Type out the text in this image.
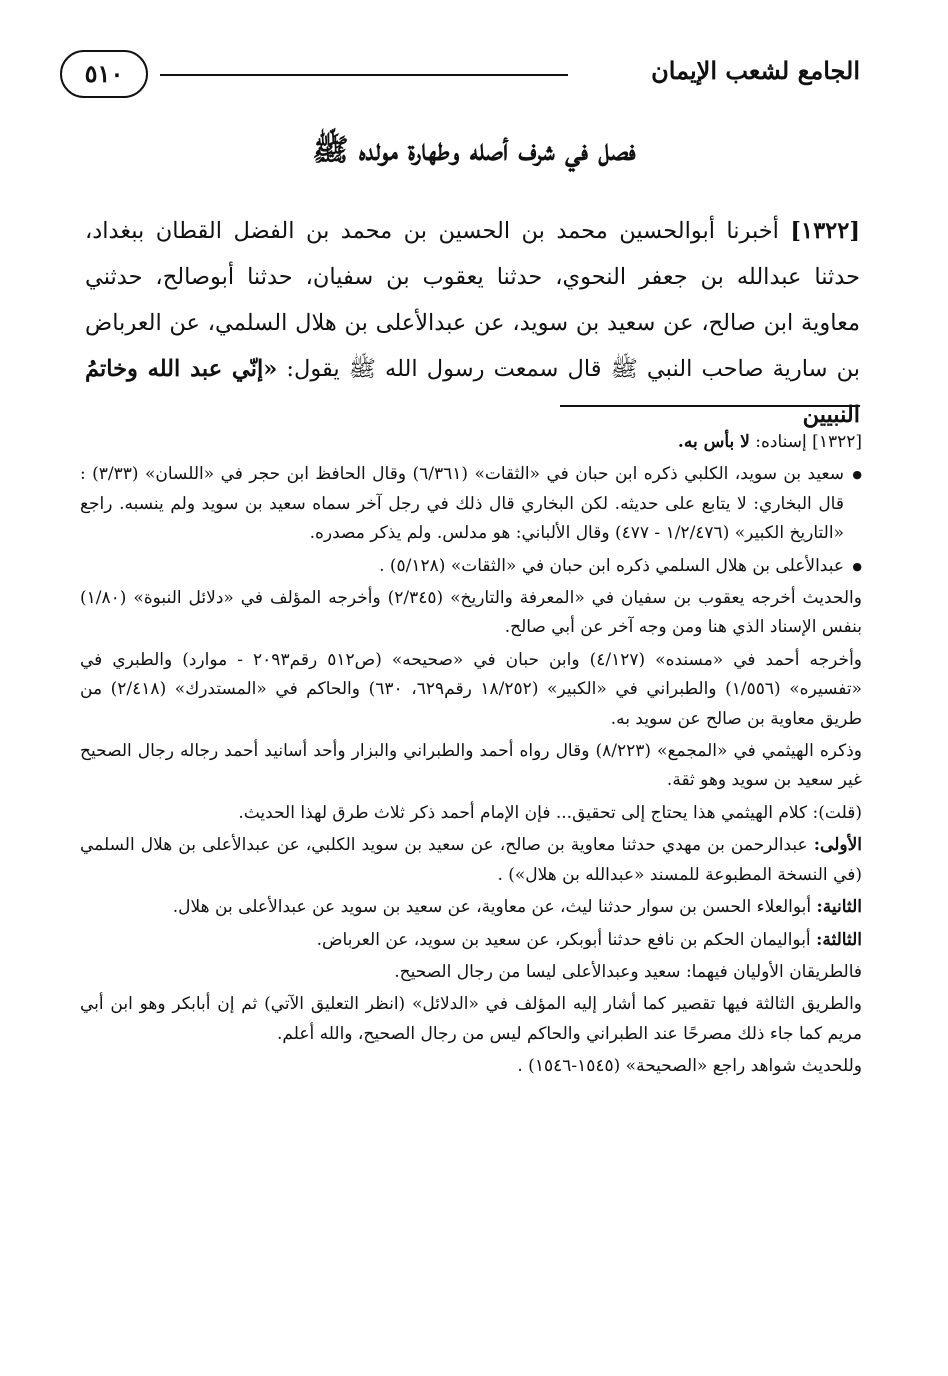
٥١٠	الجامع لشعب الإيمان
فصل في شرف أصله وطهارة مولده ﷺ
[١٣٢٢] أخبرنا أبوالحسين محمد بن الحسين بن محمد بن الفضل القطان ببغداد، حدثنا عبدالله بن جعفر النحوي، حدثنا يعقوب بن سفيان، حدثنا أبوصالح، حدثني معاوية ابن صالح، عن سعيد بن سويد، عن عبدالأعلى بن هلال السلمي، عن العرباض بن سارية صاحب النبي ﷺ قال سمعت رسول الله ﷺ يقول: «إنّي عبد الله وخاتمُ النبيين

[١٣٢٢] إسناده: لا بأس به.

● سعيد بن سويد، الكلبي ذكره ابن حبان في «الثقات» (٦/٣٦١) وقال الحافظ ابن حجر في «اللسان» (٣/٣٣) : قال البخاري: لا يتابع على حديثه. لكن البخاري قال ذلك في رجل آخر سماه سعيد بن سويد ولم ينسبه. راجع «التاريخ الكبير» (١/٢/٤٧٦ - ٤٧٧) وقال الألباني: هو مدلس. ولم يذكر مصدره.

● عبدالأعلى بن هلال السلمي ذكره ابن حبان في «الثقات» (٥/١٢٨) .

والحديث أخرجه يعقوب بن سفيان في «المعرفة والتاريخ» (٢/٣٤٥) وأخرجه المؤلف في «دلائل النبوة» (١/٨٠) بنفس الإسناد الذي هنا ومن وجه آخر عن أبي صالح.

وأخرجه أحمد في «مسنده» (٤/١٢٧) وابن حبان في «صحيحه» (ص٥١٢ رقم٢٠٩٣ - موارد) والطبري في «تفسيره» (١/٥٥٦) والطبراني في «الكبير» (١٨/٢٥٢ رقم٦٢٩، ٦٣٠) والحاكم في «المستدرك» (٢/٤١٨) من طريق معاوية بن صالح عن سويد به.

وذكره الهيثمي في «المجمع» (٨/٢٢٣) وقال رواه أحمد والطبراني والبزار وأحد أسانيد أحمد رجاله رجال الصحيح غير سعيد بن سويد وهو ثقة.

(قلت): كلام الهيثمي هذا يحتاج إلى تحقيق... فإن الإمام أحمد ذكر ثلاث طرق لهذا الحديث.

الأولى: عبدالرحمن بن مهدي حدثنا معاوية بن صالح، عن سعيد بن سويد الكلبي، عن عبدالأعلى بن هلال السلمي (في النسخة المطبوعة للمسند «عبدالله بن هلال») .

الثانية: أبوالعلاء الحسن بن سوار حدثنا ليث، عن معاوية، عن سعيد بن سويد عن عبدالأعلى بن هلال.

الثالثة: أبواليمان الحكم بن نافع حدثنا أبوبكر، عن سعيد بن سويد، عن العرباض.

فالطريقان الأوليان فيهما: سعيد وعبدالأعلى ليسا من رجال الصحيح.

والطريق الثالثة فيها تقصير كما أشار إليه المؤلف في «الدلائل» (انظر التعليق الآتي) ثم إن أبابكر وهو ابن أبي مريم كما جاء ذلك مصرحًا عند الطبراني والحاكم ليس من رجال الصحيح، والله أعلم.

وللحديث شواهد راجع «الصحيحة» (١٥٤٥-١٥٤٦) .
